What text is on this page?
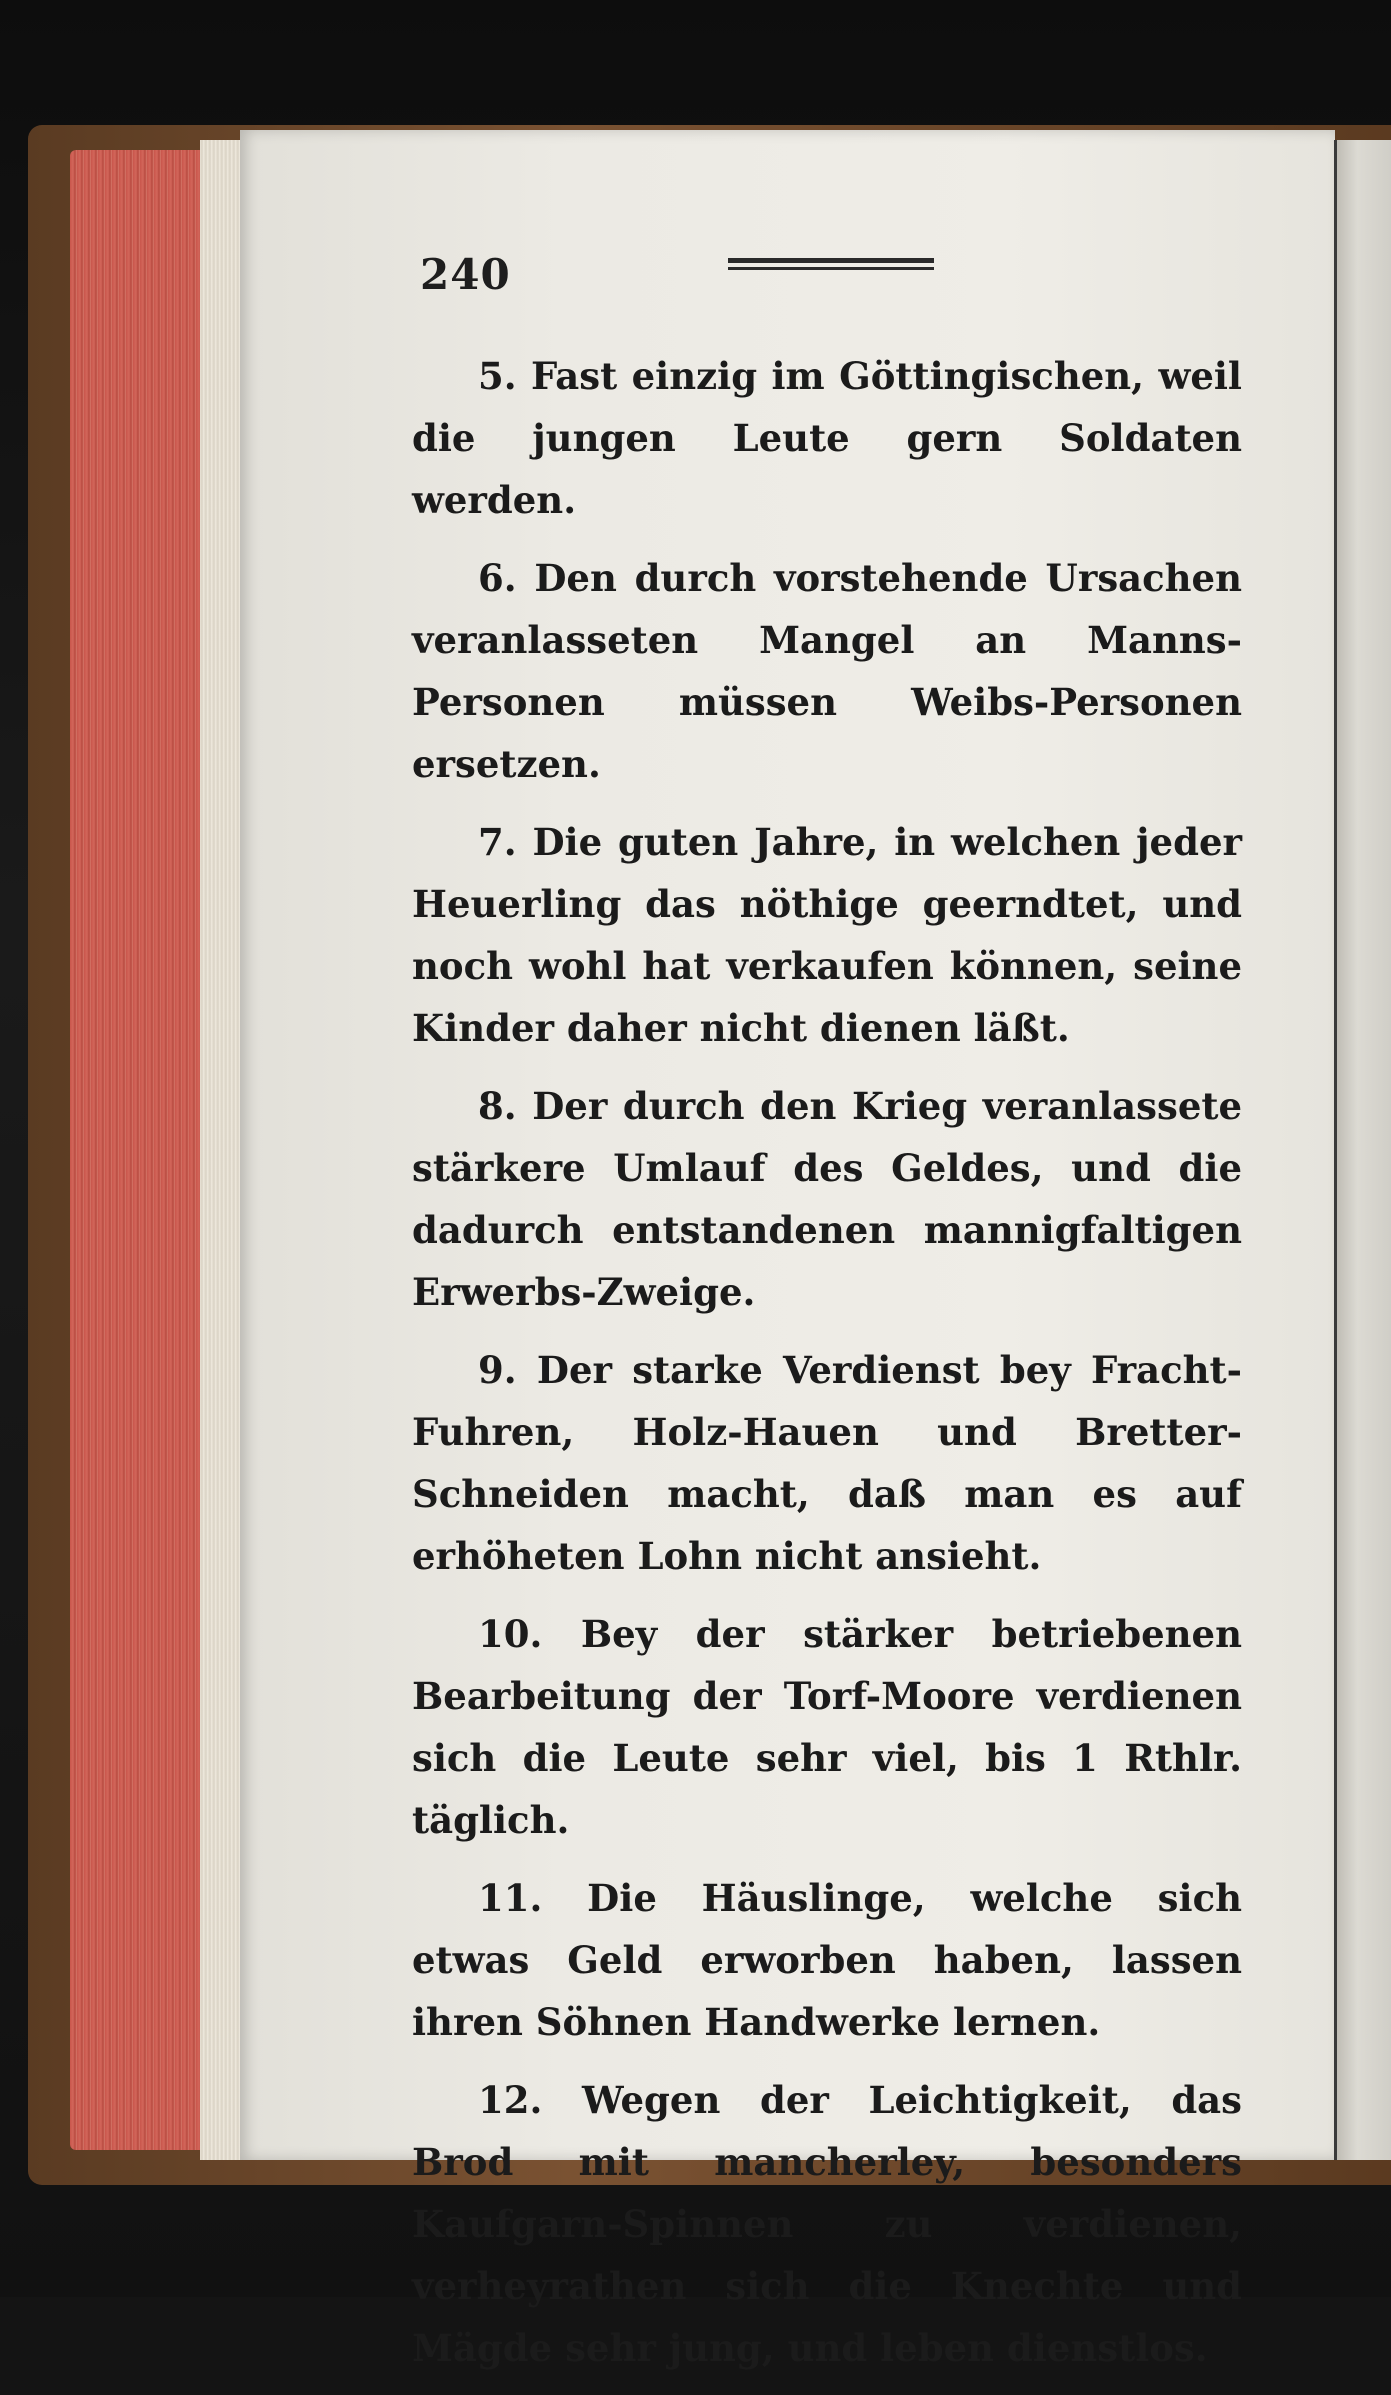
240

5. Fast einzig im Göttingischen, weil die jungen Leute gern Soldaten werden.

6. Den durch vorstehende Ursachen veranlasseten Mangel an Manns-Personen müssen Weibs-Personen ersetzen.

7. Die guten Jahre, in welchen jeder Heuerling das nöthige geerndtet, und noch wohl hat verkaufen können, seine Kinder daher nicht dienen läßt.

8. Der durch den Krieg veranlassete stärkere Umlauf des Geldes, und die dadurch entstandenen mannigfaltigen Erwerbs-Zweige.

9. Der starke Verdienst bey Fracht-Fuhren, Holz-Hauen und Bretter-Schneiden macht, daß man es auf erhöheten Lohn nicht ansieht.

10. Bey der stärker betriebenen Bearbeitung der Torf-Moore verdienen sich die Leute sehr viel, bis 1 Rthlr. täglich.

11. Die Häuslinge, welche sich etwas Geld erworben haben, lassen ihren Söhnen Handwerke lernen.

12. Wegen der Leichtigkeit, das Brod mit mancherley, besonders Kaufgarn-Spinnen zu verdienen, verheyrathen sich die Knechte und Mägde sehr jung, und leben dienstlos.
